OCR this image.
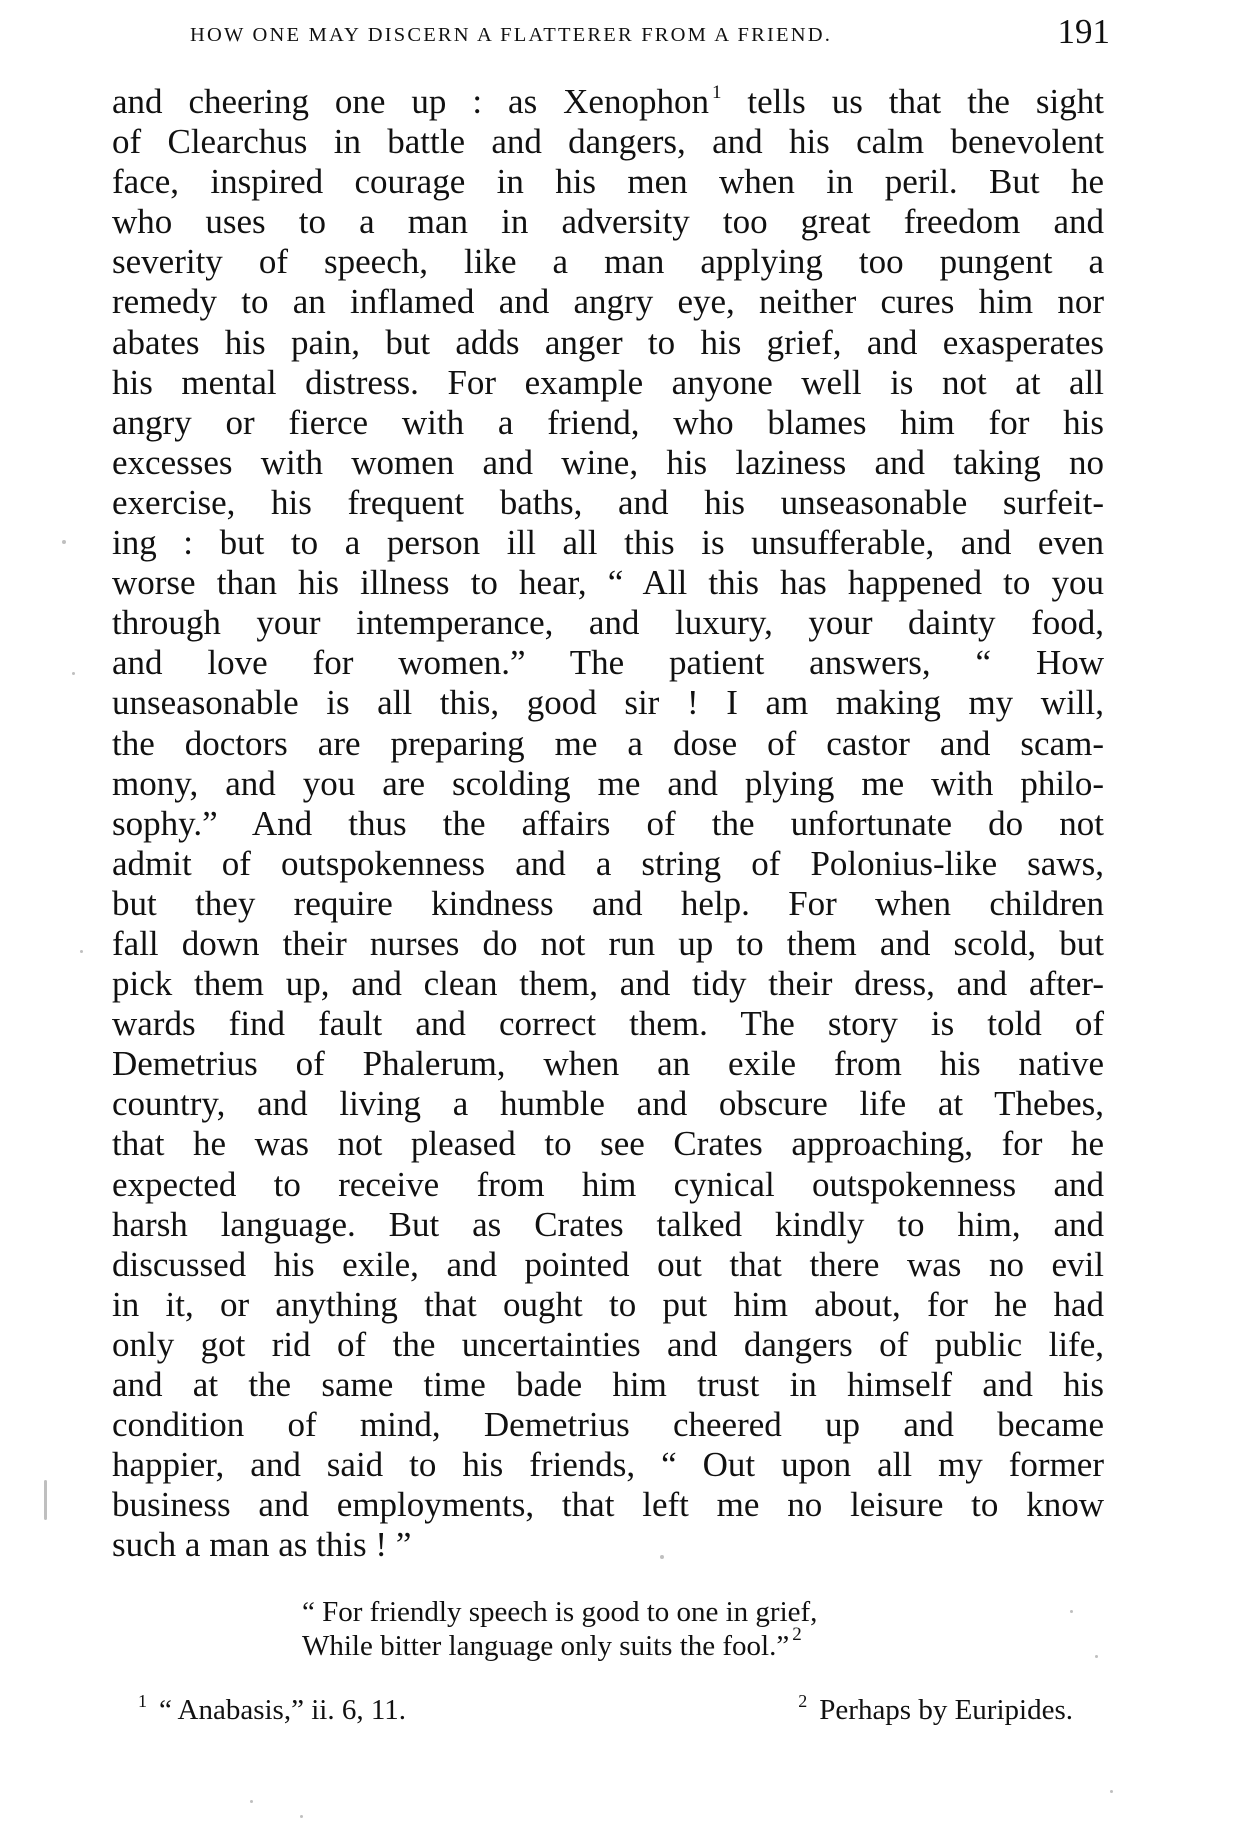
HOW ONE MAY DISCERN A FLATTERER FROM A FRIEND.	191
and cheering one up : as Xenophon $^1$ tells us that the sight
of Clearchus in battle and dangers, and his calm benevolent
face, inspired courage in his men when in peril. But he
who uses to a man in adversity too great freedom and
severity of speech, like a man applying too pungent a
remedy to an inflamed and angry eye, neither cures him nor
abates his pain, but adds anger to his grief, and exasperates
his mental distress. For example anyone well is not at all
angry or fierce with a friend, who blames him for his
excesses with women and wine, his laziness and taking no
exercise, his frequent baths, and his unseasonable surfeit-
ing : but to a person ill all this is unsufferable, and even
worse than his illness to hear, “ All this has happened to you
through your intemperance, and luxury, your dainty food,
and love for women.” The patient answers, “ How
unseasonable is all this, good sir ! I am making my will,
the doctors are preparing me a dose of castor and scam-
mony, and you are scolding me and plying me with philo-
sophy.” And thus the affairs of the unfortunate do not
admit of outspokenness and a string of Polonius-like saws,
but they require kindness and help. For when children
fall down their nurses do not run up to them and scold, but
pick them up, and clean them, and tidy their dress, and after-
wards find fault and correct them. The story is told of
Demetrius of Phalerum, when an exile from his native
country, and living a humble and obscure life at Thebes,
that he was not pleased to see Crates approaching, for he
expected to receive from him cynical outspokenness and
harsh language. But as Crates talked kindly to him, and
discussed his exile, and pointed out that there was no evil
in it, or anything that ought to put him about, for he had
only got rid of the uncertainties and dangers of public life,
and at the same time bade him trust in himself and his
condition of mind, Demetrius cheered up and became
happier, and said to his friends, “ Out upon all my former
business and employments, that left me no leisure to know
such a man as this ! ”
“ For friendly speech is good to one in grief,
While bitter language only suits the fool.” $^2$
$^1$ “ Anabasis,” ii. 6, 11.	$^2$ Perhaps by Euripides.
